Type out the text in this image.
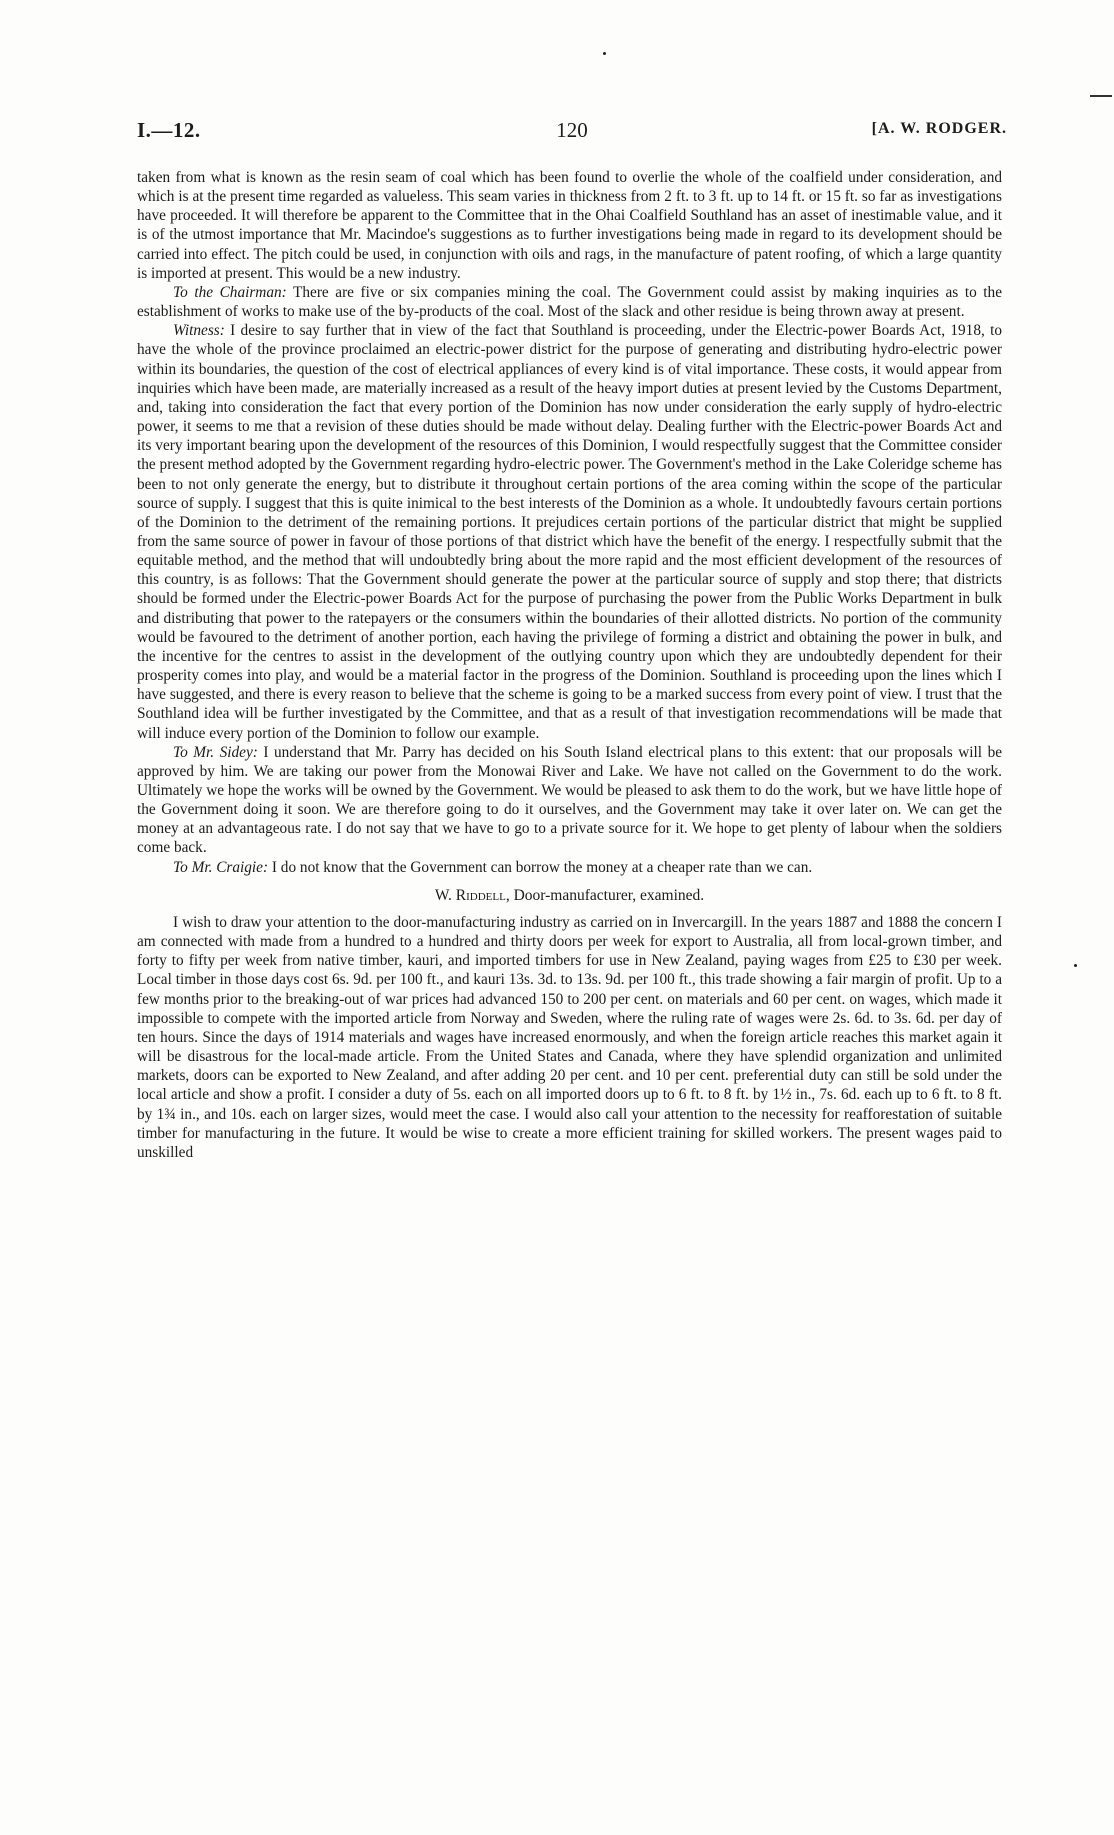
I.—12.	120	[A. W. RODGER.

taken from what is known as the resin seam of coal which has been found to overlie the whole of the coalfield under consideration, and which is at the present time regarded as valueless. This seam varies in thickness from 2 ft. to 3 ft. up to 14 ft. or 15 ft. so far as investigations have proceeded. It will therefore be apparent to the Committee that in the Ohai Coalfield Southland has an asset of inestimable value, and it is of the utmost importance that Mr. Macindoe's suggestions as to further investigations being made in regard to its development should be carried into effect. The pitch could be used, in conjunction with oils and rags, in the manufacture of patent roofing, of which a large quantity is imported at present. This would be a new industry.

To the Chairman: There are five or six companies mining the coal. The Government could assist by making inquiries as to the establishment of works to make use of the by-products of the coal. Most of the slack and other residue is being thrown away at present.

Witness: I desire to say further that in view of the fact that Southland is proceeding, under the Electric-power Boards Act, 1918, to have the whole of the province proclaimed an electric-power district for the purpose of generating and distributing hydro-electric power within its boundaries, the question of the cost of electrical appliances of every kind is of vital importance. These costs, it would appear from inquiries which have been made, are materially increased as a result of the heavy import duties at present levied by the Customs Department, and, taking into consideration the fact that every portion of the Dominion has now under consideration the early supply of hydro-electric power, it seems to me that a revision of these duties should be made without delay. Dealing further with the Electric-power Boards Act and its very important bearing upon the development of the resources of this Dominion, I would respectfully suggest that the Committee consider the present method adopted by the Government regarding hydro-electric power. The Government's method in the Lake Coleridge scheme has been to not only generate the energy, but to distribute it throughout certain portions of the area coming within the scope of the particular source of supply. I suggest that this is quite inimical to the best interests of the Dominion as a whole. It undoubtedly favours certain portions of the Dominion to the detriment of the remaining portions. It prejudices certain portions of the particular district that might be supplied from the same source of power in favour of those portions of that district which have the benefit of the energy. I respectfully submit that the equitable method, and the method that will undoubtedly bring about the more rapid and the most efficient development of the resources of this country, is as follows: That the Government should generate the power at the particular source of supply and stop there; that districts should be formed under the Electric-power Boards Act for the purpose of purchasing the power from the Public Works Department in bulk and distributing that power to the ratepayers or the consumers within the boundaries of their allotted districts. No portion of the community would be favoured to the detriment of another portion, each having the privilege of forming a district and obtaining the power in bulk, and the incentive for the centres to assist in the development of the outlying country upon which they are undoubtedly dependent for their prosperity comes into play, and would be a material factor in the progress of the Dominion. Southland is proceeding upon the lines which I have suggested, and there is every reason to believe that the scheme is going to be a marked success from every point of view. I trust that the Southland idea will be further investigated by the Committee, and that as a result of that investigation recommendations will be made that will induce every portion of the Dominion to follow our example.

To Mr. Sidey: I understand that Mr. Parry has decided on his South Island electrical plans to this extent: that our proposals will be approved by him. We are taking our power from the Monowai River and Lake. We have not called on the Government to do the work. Ultimately we hope the works will be owned by the Government. We would be pleased to ask them to do the work, but we have little hope of the Government doing it soon. We are therefore going to do it ourselves, and the Government may take it over later on. We can get the money at an advantageous rate. I do not say that we have to go to a private source for it. We hope to get plenty of labour when the soldiers come back.

To Mr. Craigie: I do not know that the Government can borrow the money at a cheaper rate than we can.

W. Riddell, Door-manufacturer, examined.

I wish to draw your attention to the door-manufacturing industry as carried on in Invercargill. In the years 1887 and 1888 the concern I am connected with made from a hundred to a hundred and thirty doors per week for export to Australia, all from local-grown timber, and forty to fifty per week from native timber, kauri, and imported timbers for use in New Zealand, paying wages from £25 to £30 per week. Local timber in those days cost 6s. 9d. per 100 ft., and kauri 13s. 3d. to 13s. 9d. per 100 ft., this trade showing a fair margin of profit. Up to a few months prior to the breaking-out of war prices had advanced 150 to 200 per cent. on materials and 60 per cent. on wages, which made it impossible to compete with the imported article from Norway and Sweden, where the ruling rate of wages were 2s. 6d. to 3s. 6d. per day of ten hours. Since the days of 1914 materials and wages have increased enormously, and when the foreign article reaches this market again it will be disastrous for the local-made article. From the United States and Canada, where they have splendid organization and unlimited markets, doors can be exported to New Zealand, and after adding 20 per cent. and 10 per cent. preferential duty can still be sold under the local article and show a profit. I consider a duty of 5s. each on all imported doors up to 6 ft. to 8 ft. by 1½ in., 7s. 6d. each up to 6 ft. to 8 ft. by 1¾ in., and 10s. each on larger sizes, would meet the case. I would also call your attention to the necessity for reafforestation of suitable timber for manufacturing in the future. It would be wise to create a more efficient training for skilled workers. The present wages paid to unskilled
